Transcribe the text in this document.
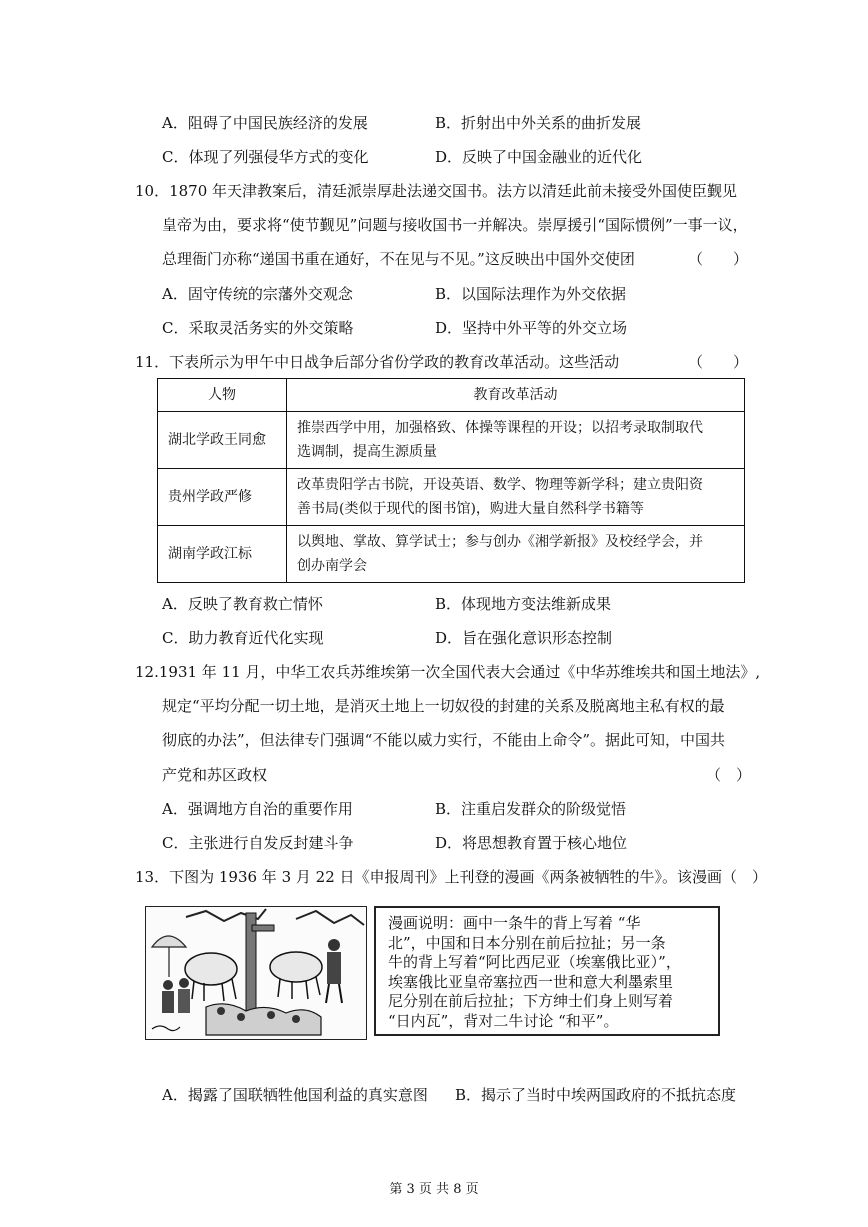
A．阻碍了中国民族经济的发展	B．折射出中外关系的曲折发展
C．体现了列强侵华方式的变化	D．反映了中国金融业的近代化
10．1870 年天津教案后，清廷派崇厚赴法递交国书。法方以清廷此前未接受外国使臣觐见
皇帝为由，要求将“使节觐见”问题与接收国书一并解决。崇厚援引“国际惯例”一事一议，
总理衙门亦称“递国书重在通好，不在见与不见。”这反映出中国外交使团	（　　）
A．固守传统的宗藩外交观念	B．以国际法理作为外交依据
C．采取灵活务实的外交策略	D．坚持中外平等的外交立场
11．下表所示为甲午中日战争后部分省份学政的教育改革活动。这些活动	（　　）
人物	教育改革活动
湖北学政王同愈	推崇西学中用，加强格致、体操等课程的开设；以招考录取制取代
选调制，提高生源质量

贵州学政严修	改革贵阳学古书院，开设英语、数学、物理等新学科；建立贵阳资
善书局(类似于现代的图书馆)，购进大量自然科学书籍等

湖南学政江标	以舆地、掌故、算学试士；参与创办《湘学新报》及校经学会，并
创办南学会
A．反映了教育救亡情怀	B．体现地方变法维新成果
C．助力教育近代化实现	D．旨在强化意识形态控制
12.1931 年 11 月，中华工农兵苏维埃第一次全国代表大会通过《中华苏维埃共和国土地法》,
规定“平均分配一切土地，是消灭土地上一切奴役的封建的关系及脱离地主私有权的最
彻底的办法”，但法律专门强调“不能以威力实行，不能由上命令”。据此可知，中国共
产党和苏区政权	（　）
A．强调地方自治的重要作用	B．注重启发群众的阶级觉悟
C．主张进行自发反封建斗争	D．将思想教育置于核心地位
13．下图为 1936 年 3 月 22 日《申报周刊》上刊登的漫画《两条被牺牲的牛》。该漫画（　）
漫画说明：画中一条牛的背上写着 “华
北”，中国和日本分别在前后拉扯；另一条
牛的背上写着“阿比西尼亚（埃塞俄比亚）”，
埃塞俄比亚皇帝塞拉西一世和意大利墨索里
尼分别在前后拉扯；下方绅士们身上则写着
“日内瓦”，背对二牛讨论 “和平”。
A．揭露了国联牺牲他国利益的真实意图 B．揭示了当时中埃两国政府的不抵抗态度
第 3 页 共 8 页
